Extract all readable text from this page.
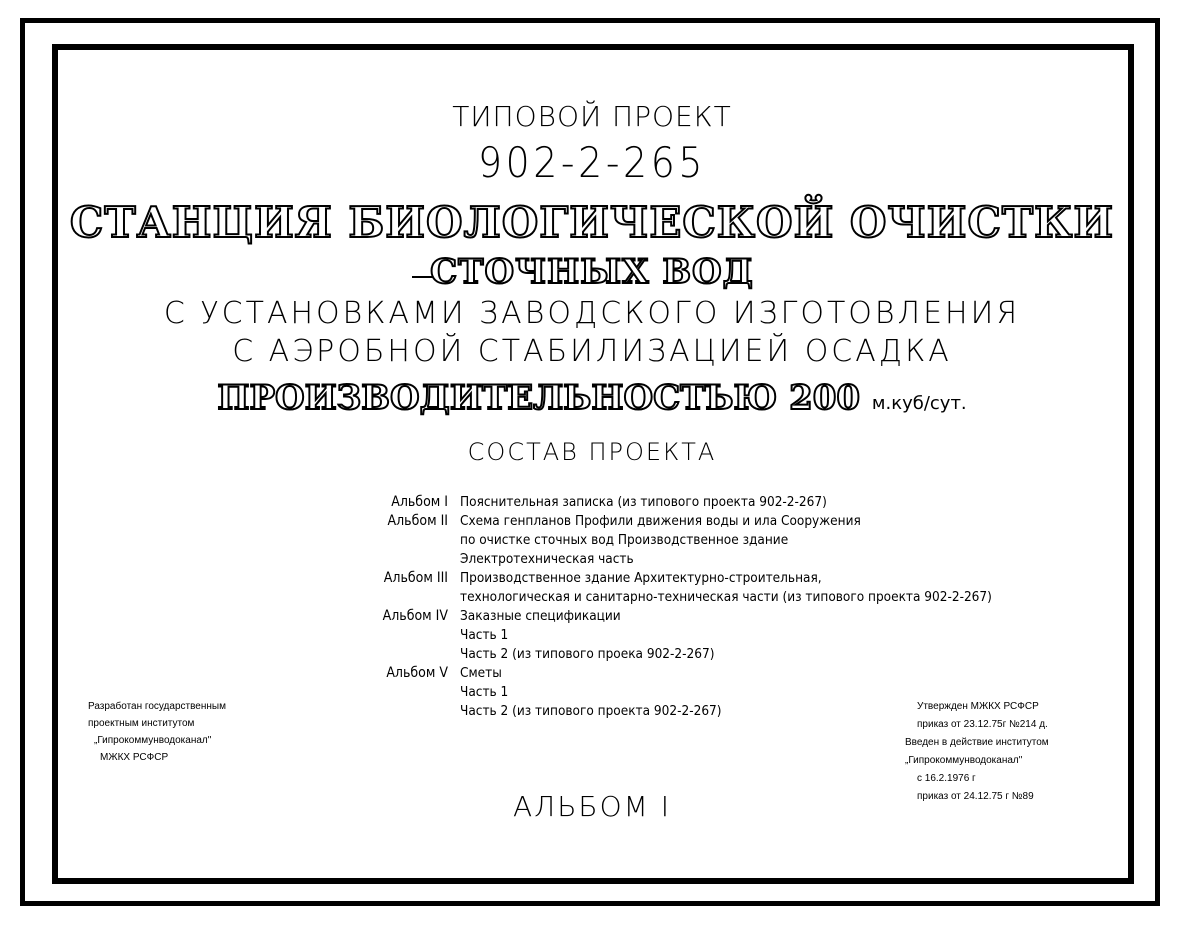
ТИПОВОЙ ПРОЕКТ
902-2-265
СТАНЦИЯ БИОЛОГИЧЕСКОЙ ОЧИСТКИ
СТОЧНЫХ ВОД
С УСТАНОВКАМИ ЗАВОДСКОГО ИЗГОТОВЛЕНИЯ
С АЭРОБНОЙ СТАБИЛИЗАЦИЕЙ ОСАДКА
ПРОИЗВОДИТЕЛЬНОСТЬЮ 200 м.куб/сут.
СОСТАВ ПРОЕКТА
Альбом I Пояснительная записка (из типового проекта 902-2-267)
Альбом II Схема генпланов Профили движения воды и ила Сооружения
по очистке сточных вод Производственное здание
Электротехническая часть
Альбом III Производственное здание Архитектурно-строительная,
технологическая и санитарно-техническая части (из типового проекта 902-2-267)
Альбом IV Заказные спецификации
Часть 1
Часть 2 (из типового проека 902-2-267)
Альбом V Сметы
Часть 1
Часть 2 (из типового проекта 902-2-267)
Разработан государственным
проектным институтом
„Гипрокоммунводоканал"
МЖКХ РСФСР
Утвержден МЖКХ РСФСР
приказ от 23.12.75г №214 д.
Введен в действие институтом
„Гипрокоммунводоканал"
с 16.2.1976 г
приказ от 24.12.75 г №89
АЛЬБОМ I
